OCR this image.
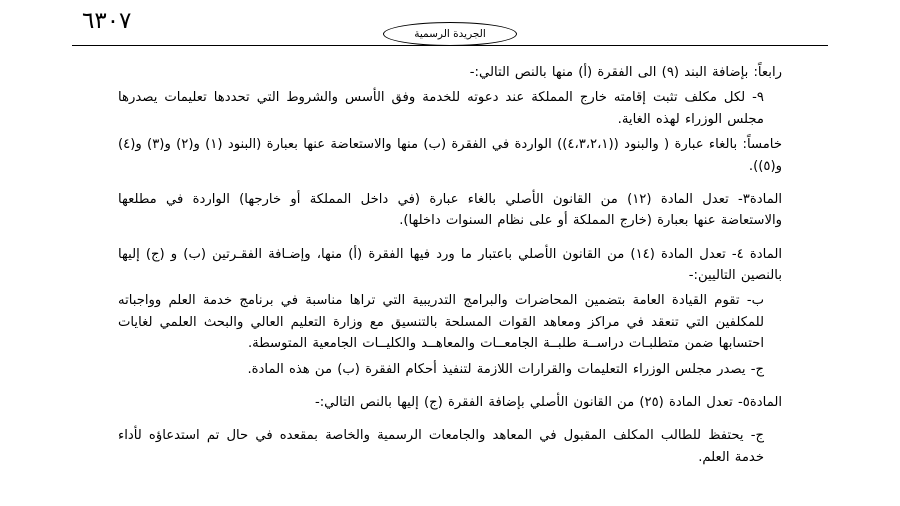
٦٣٠٧	الجريدة الرسمية

رابعاً: بإضافة البند (٩) الى الفقرة (أ) منها بالنص التالي:-

٩- لكل مكلف تثبت إقامته خارج المملكة عند دعوته للخدمة وفق الأسس والشروط التي تحددها تعليمات يصدرها مجلس الوزراء لهذه الغاية.

خامساً: بالغاء عبارة ( والبنود ((٤،٣،٢،١)) الواردة في الفقرة (ب) منها والاستعاضة عنها بعبارة (البنود (١) و(٢) و(٣) و(٤) و(٥)).

المادة٣- تعدل المادة (١٢) من القانون الأصلي بالغاء عبارة (في داخل المملكة أو خارجها) الواردة في مطلعها والاستعاضة عنها بعبارة (خارج المملكة أو على نظام السنوات داخلها).

المادة ٤- تعدل المادة (١٤) من القانون الأصلي باعتبار ما ورد فيها الفقرة (أ) منها، وإضـافة الفقـرتين (ب) و (ج) إليها بالنصين التاليين:-

ب- تقوم القيادة العامة بتضمين المحاضرات والبرامج التدريبية التي تراها مناسبة في برنامج خدمة العلم وواجباته للمكلفين التي تنعقد في مراكز ومعاهد القوات المسلحة بالتنسيق مع وزارة التعليم العالي والبحث العلمي لغايات احتسابها ضمن متطلبـات دراســة طلبــة الجامعــات والمعاهــد والكليــات الجامعية المتوسطة.

ج- يصدر مجلس الوزراء التعليمات والقرارات اللازمة لتنفيذ أحكام الفقرة (ب) من هذه المادة.

المادة٥- تعدل المادة (٢٥) من القانون الأصلي بإضافة الفقرة (ج) إليها بالنص التالي:-

ج- يحتفظ للطالب المكلف المقبول في المعاهد والجامعات الرسمية والخاصة بمقعده في حال تم استدعاؤه لأداء خدمة العلم.
